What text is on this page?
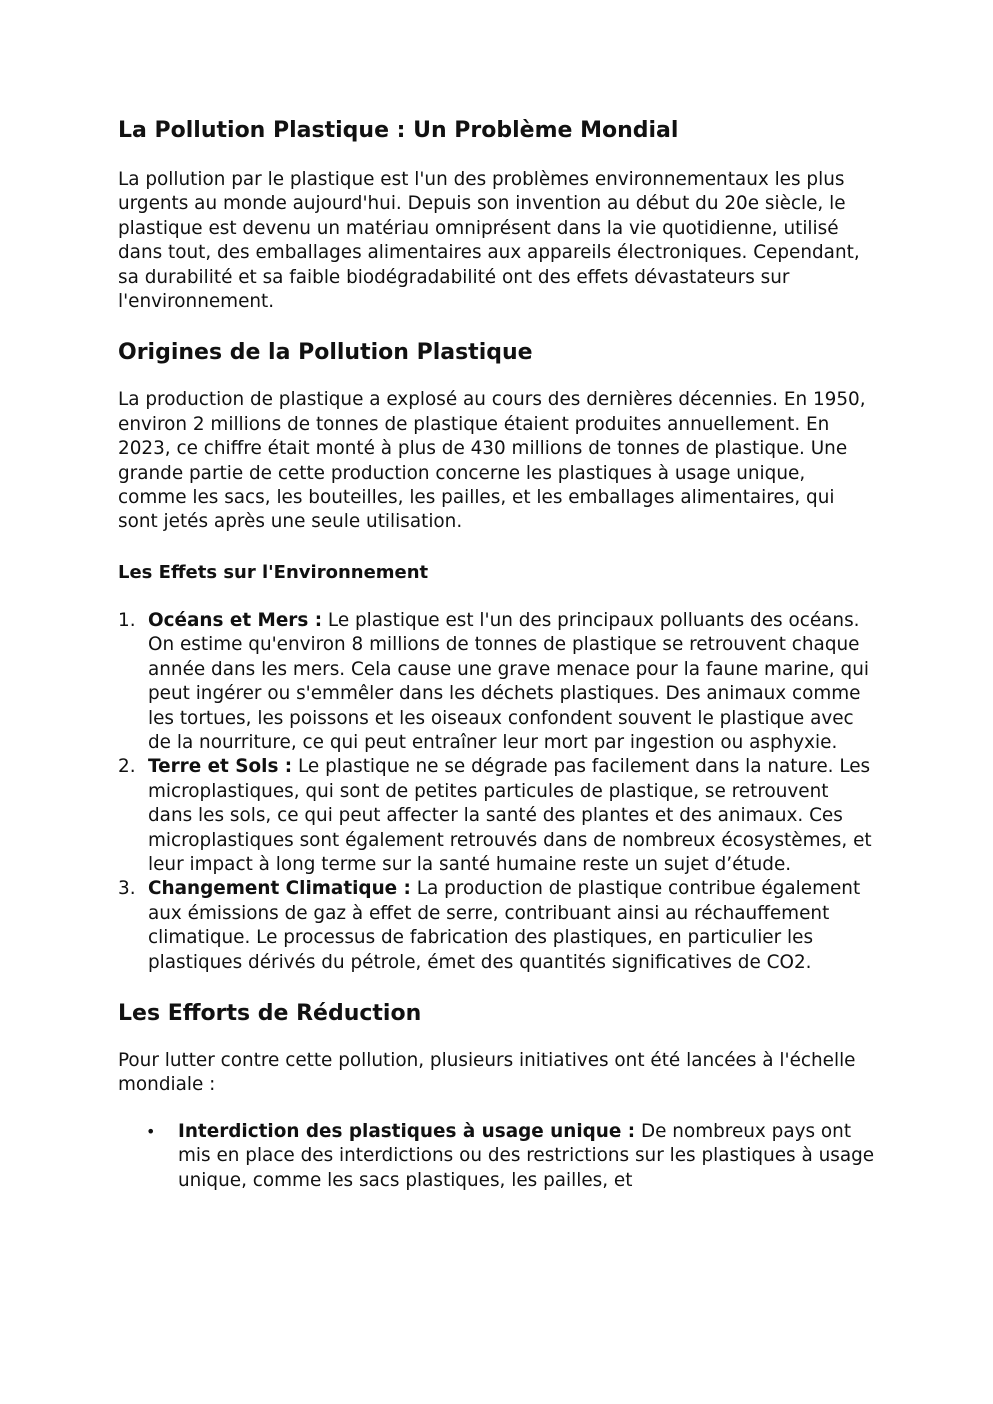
La Pollution Plastique : Un Problème Mondial

La pollution par le plastique est l'un des problèmes environnementaux les plus urgents au monde aujourd'hui. Depuis son invention au début du 20e siècle, le plastique est devenu un matériau omniprésent dans la vie quotidienne, utilisé dans tout, des emballages alimentaires aux appareils électroniques. Cependant, sa durabilité et sa faible biodégradabilité ont des effets dévastateurs sur l'environnement.

Origines de la Pollution Plastique

La production de plastique a explosé au cours des dernières décennies. En 1950, environ 2 millions de tonnes de plastique étaient produites annuellement. En 2023, ce chiffre était monté à plus de 430 millions de tonnes de plastique. Une grande partie de cette production concerne les plastiques à usage unique, comme les sacs, les bouteilles, les pailles, et les emballages alimentaires, qui sont jetés après une seule utilisation.

Les Effets sur l'Environnement
1. Océans et Mers : Le plastique est l'un des principaux polluants des océans. On estime qu'environ 8 millions de tonnes de plastique se retrouvent chaque année dans les mers. Cela cause une grave menace pour la faune marine, qui peut ingérer ou s'emmêler dans les déchets plastiques. Des animaux comme les tortues, les poissons et les oiseaux confondent souvent le plastique avec de la nourriture, ce qui peut entraîner leur mort par ingestion ou asphyxie.
2. Terre et Sols : Le plastique ne se dégrade pas facilement dans la nature. Les microplastiques, qui sont de petites particules de plastique, se retrouvent dans les sols, ce qui peut affecter la santé des plantes et des animaux. Ces microplastiques sont également retrouvés dans de nombreux écosystèmes, et leur impact à long terme sur la santé humaine reste un sujet d’étude.
3. Changement Climatique : La production de plastique contribue également aux émissions de gaz à effet de serre, contribuant ainsi au réchauffement climatique. Le processus de fabrication des plastiques, en particulier les plastiques dérivés du pétrole, émet des quantités significatives de CO2.
Les Efforts de Réduction

Pour lutter contre cette pollution, plusieurs initiatives ont été lancées à l'échelle mondiale :

• Interdiction des plastiques à usage unique : De nombreux pays ont mis en place des interdictions ou des restrictions sur les plastiques à usage unique, comme les sacs plastiques, les pailles, et
